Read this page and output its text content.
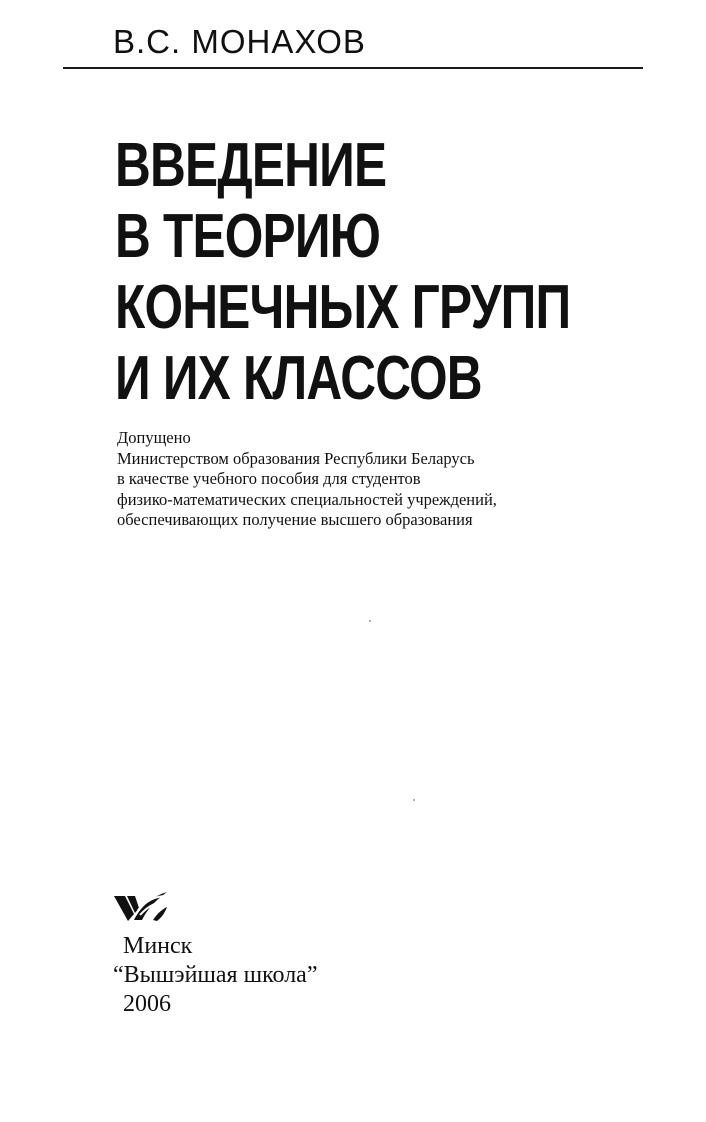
В.С. МОНАХОВ
ВВЕДЕНИЕ
В ТЕОРИЮ
КОНЕЧНЫХ ГРУПП
И ИХ КЛАССОВ
Допущено
Министерством образования Республики Беларусь
в качестве учебного пособия для студентов
физико-математических специальностей учреждений,
обеспечивающих получение высшего образования
Минск
“Вышэйшая школа”
2006
